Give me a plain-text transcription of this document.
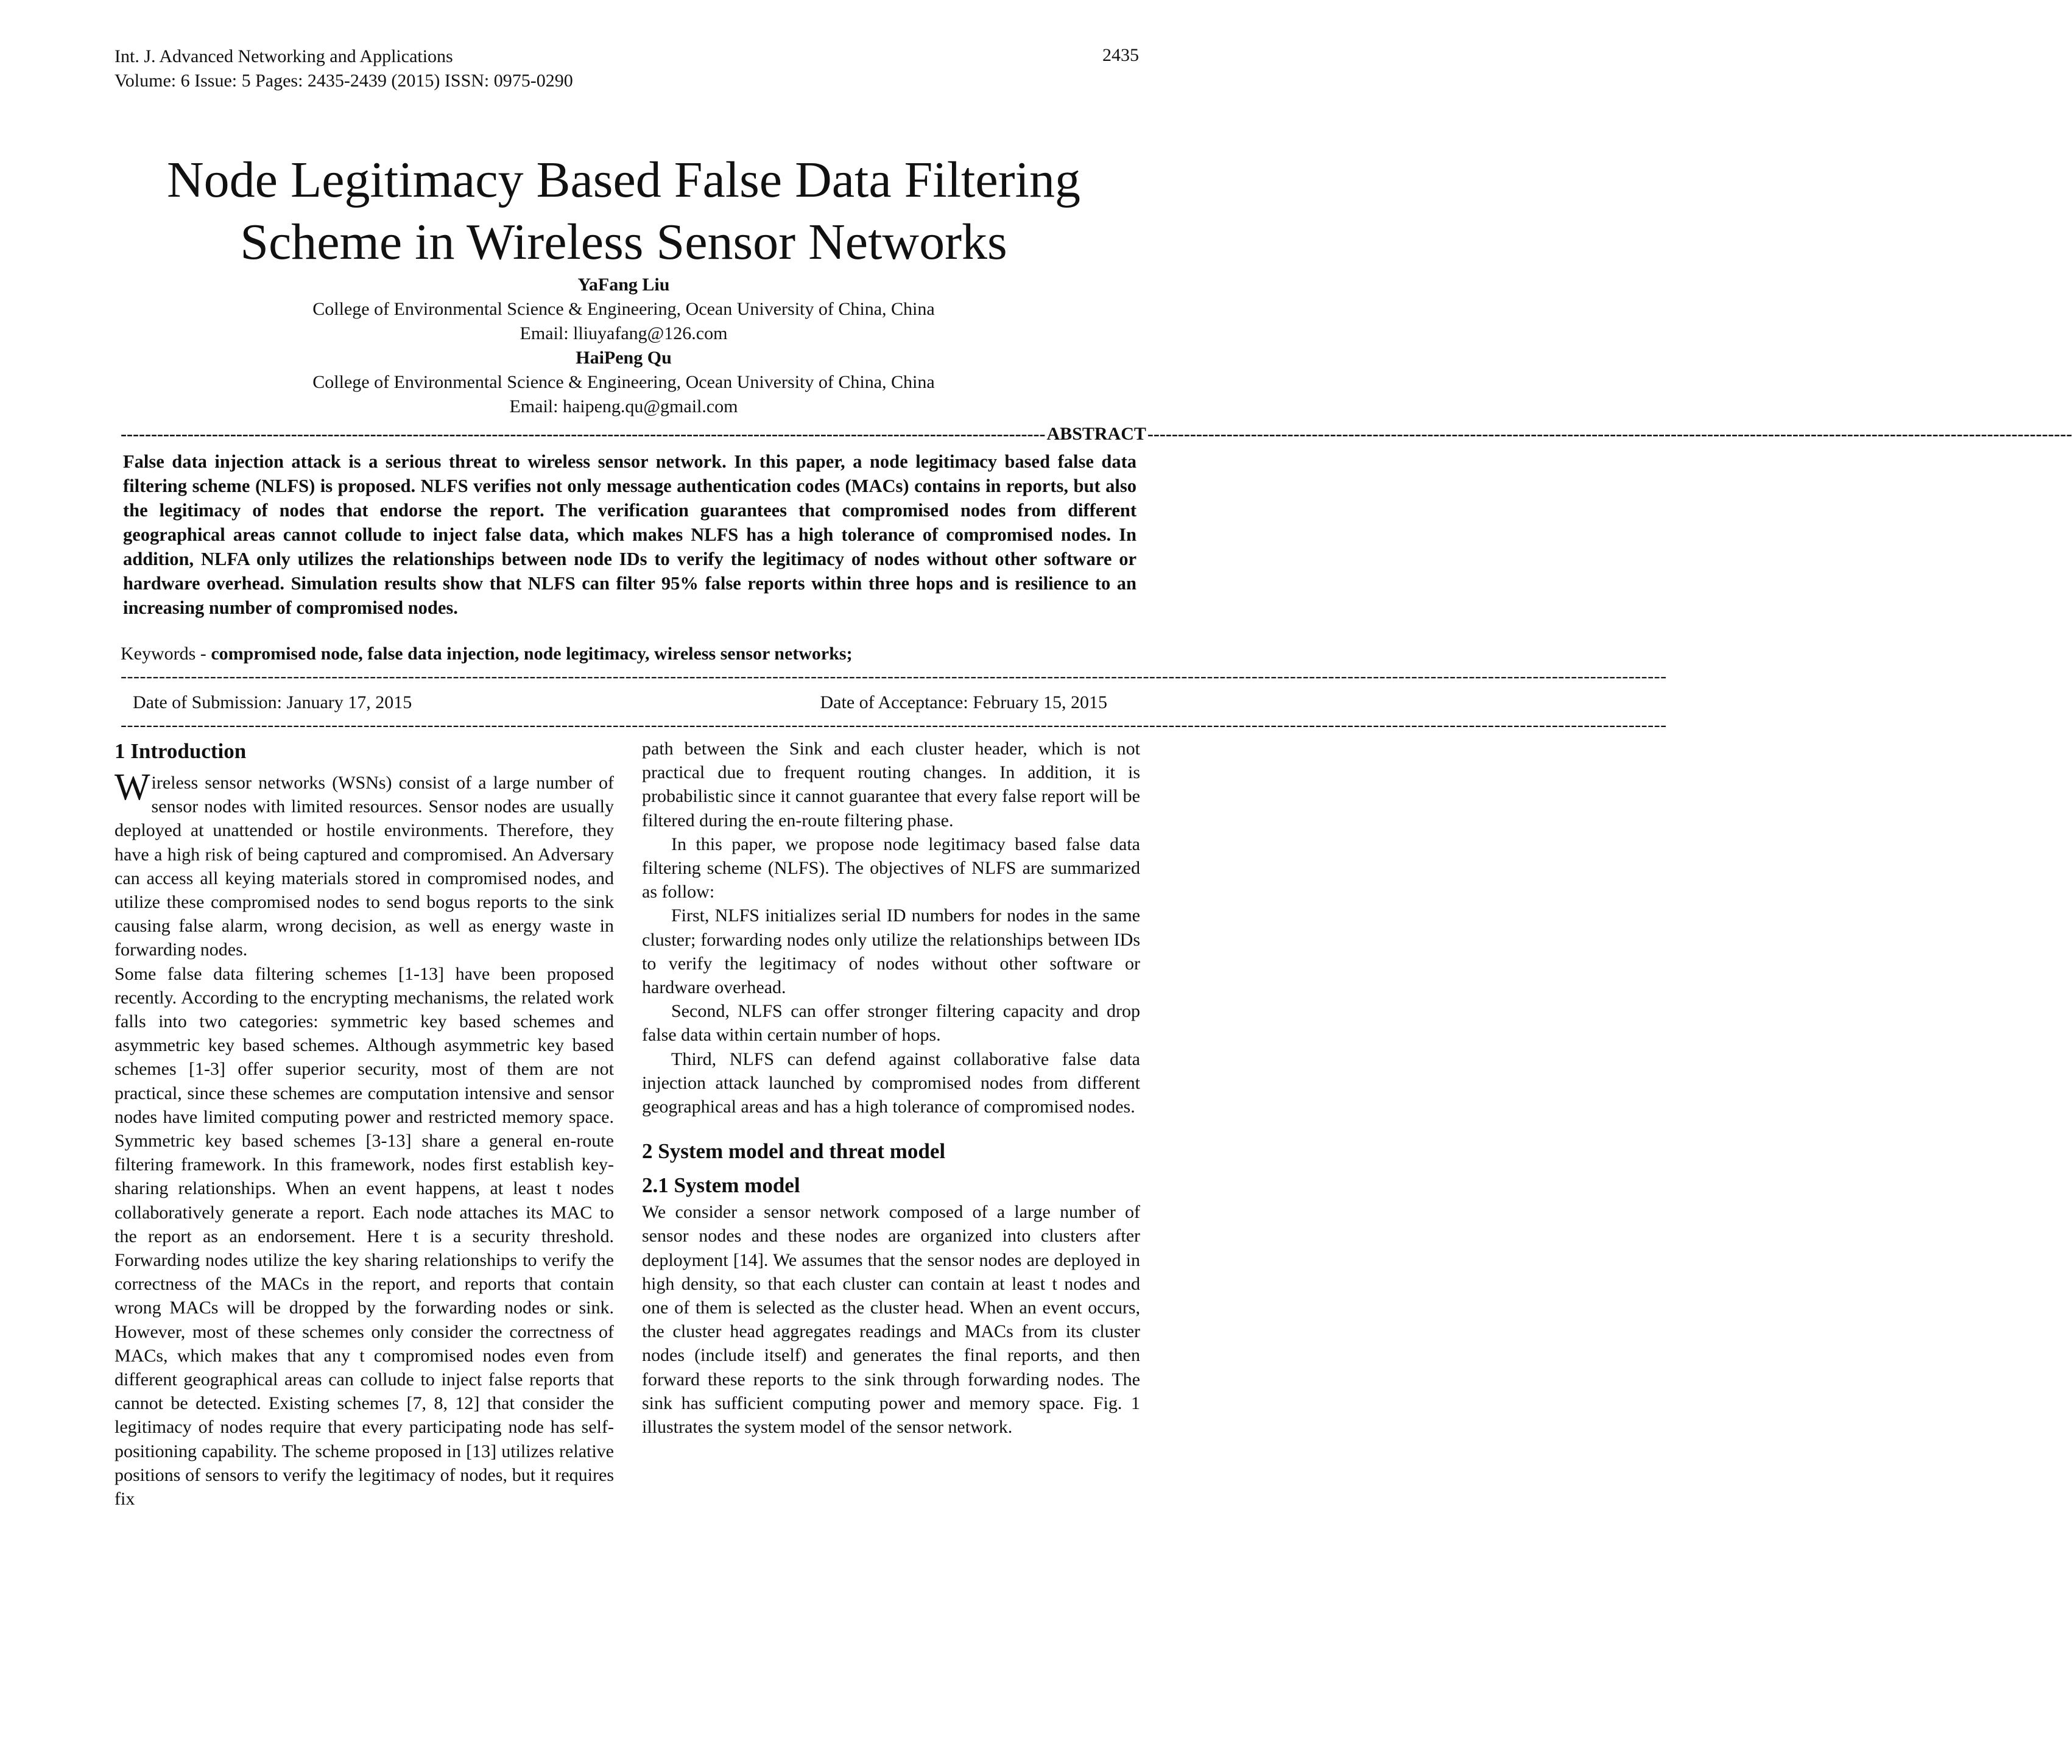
Int. J. Advanced Networking and Applications
Volume: 6 Issue: 5 Pages: 2435-2439 (2015) ISSN: 0975-0290
2435
Node Legitimacy Based False Data Filtering
Scheme in Wireless Sensor Networks
YaFang Liu
College of Environmental Science & Engineering, Ocean University of China, China
Email: lliuyafang@126.com
HaiPeng Qu
College of Environmental Science & Engineering, Ocean University of China, China
Email: haipeng.qu@gmail.com
-------------------------------------------------------------------------------------------------------------------------------------------------------- ABSTRACT --------------------------------------------------------------------------------------------------------------------------------------------------------
False data injection attack is a serious threat to wireless sensor network. In this paper, a node legitimacy based false data filtering scheme (NLFS) is proposed. NLFS verifies not only message authentication codes (MACs) contains in reports, but also the legitimacy of nodes that endorse the report. The verification guarantees that compromised nodes from different geographical areas cannot collude to inject false data, which makes NLFS has a high tolerance of compromised nodes. In addition, NLFA only utilizes the relationships between node IDs to verify the legitimacy of nodes without other software or hardware overhead. Simulation results show that NLFS can filter 95% false reports within three hops and is resilience to an increasing number of compromised nodes.
Keywords - compromised node, false data injection, node legitimacy, wireless sensor networks;
--------------------------------------------------------------------------------------------------------------------------------------------------------------------------------------------------------------------------------------------------
Date of Submission: January 17, 2015	Date of Acceptance: February 15, 2015
--------------------------------------------------------------------------------------------------------------------------------------------------------------------------------------------------------------------------------------------------
1 Introduction

Wireless sensor networks (WSNs) consist of a large number of sensor nodes with limited resources. Sensor nodes are usually deployed at unattended or hostile environments. Therefore, they have a high risk of being captured and compromised. An Adversary can access all keying materials stored in compromised nodes, and utilize these compromised nodes to send bogus reports to the sink causing false alarm, wrong decision, as well as energy waste in forwarding nodes.

Some false data filtering schemes [1-13] have been proposed recently. According to the encrypting mechanisms, the related work falls into two categories: symmetric key based schemes and asymmetric key based schemes. Although asymmetric key based schemes [1-3] offer superior security, most of them are not practical, since these schemes are computation intensive and sensor nodes have limited computing power and restricted memory space. Symmetric key based schemes [3-13] share a general en-route filtering framework. In this framework, nodes first establish key-sharing relationships. When an event happens, at least t nodes collaboratively generate a report. Each node attaches its MAC to the report as an endorsement. Here t is a security threshold. Forwarding nodes utilize the key sharing relationships to verify the correctness of the MACs in the report, and reports that contain wrong MACs will be dropped by the forwarding nodes or sink. However, most of these schemes only consider the correctness of MACs, which makes that any t compromised nodes even from different geographical areas can collude to inject false reports that cannot be detected. Existing schemes [7, 8, 12] that consider the legitimacy of nodes require that every participating node has self-positioning capability. The scheme proposed in [13] utilizes relative positions of sensors to verify the legitimacy of nodes, but it requires fix

path between the Sink and each cluster header, which is not practical due to frequent routing changes. In addition, it is probabilistic since it cannot guarantee that every false report will be filtered during the en-route filtering phase.

In this paper, we propose node legitimacy based false data filtering scheme (NLFS). The objectives of NLFS are summarized as follow:

First, NLFS initializes serial ID numbers for nodes in the same cluster; forwarding nodes only utilize the relationships between IDs to verify the legitimacy of nodes without other software or hardware overhead.

Second, NLFS can offer stronger filtering capacity and drop false data within certain number of hops.

Third, NLFS can defend against collaborative false data injection attack launched by compromised nodes from different geographical areas and has a high tolerance of compromised nodes.

2 System model and threat model
2.1 System model

We consider a sensor network composed of a large number of sensor nodes and these nodes are organized into clusters after deployment [14]. We assumes that the sensor nodes are deployed in high density, so that each cluster can contain at least t nodes and one of them is selected as the cluster head. When an event occurs, the cluster head aggregates readings and MACs from its cluster nodes (include itself) and generates the final reports, and then forward these reports to the sink through forwarding nodes. The sink has sufficient computing power and memory space. Fig. 1 illustrates the system model of the sensor network.
